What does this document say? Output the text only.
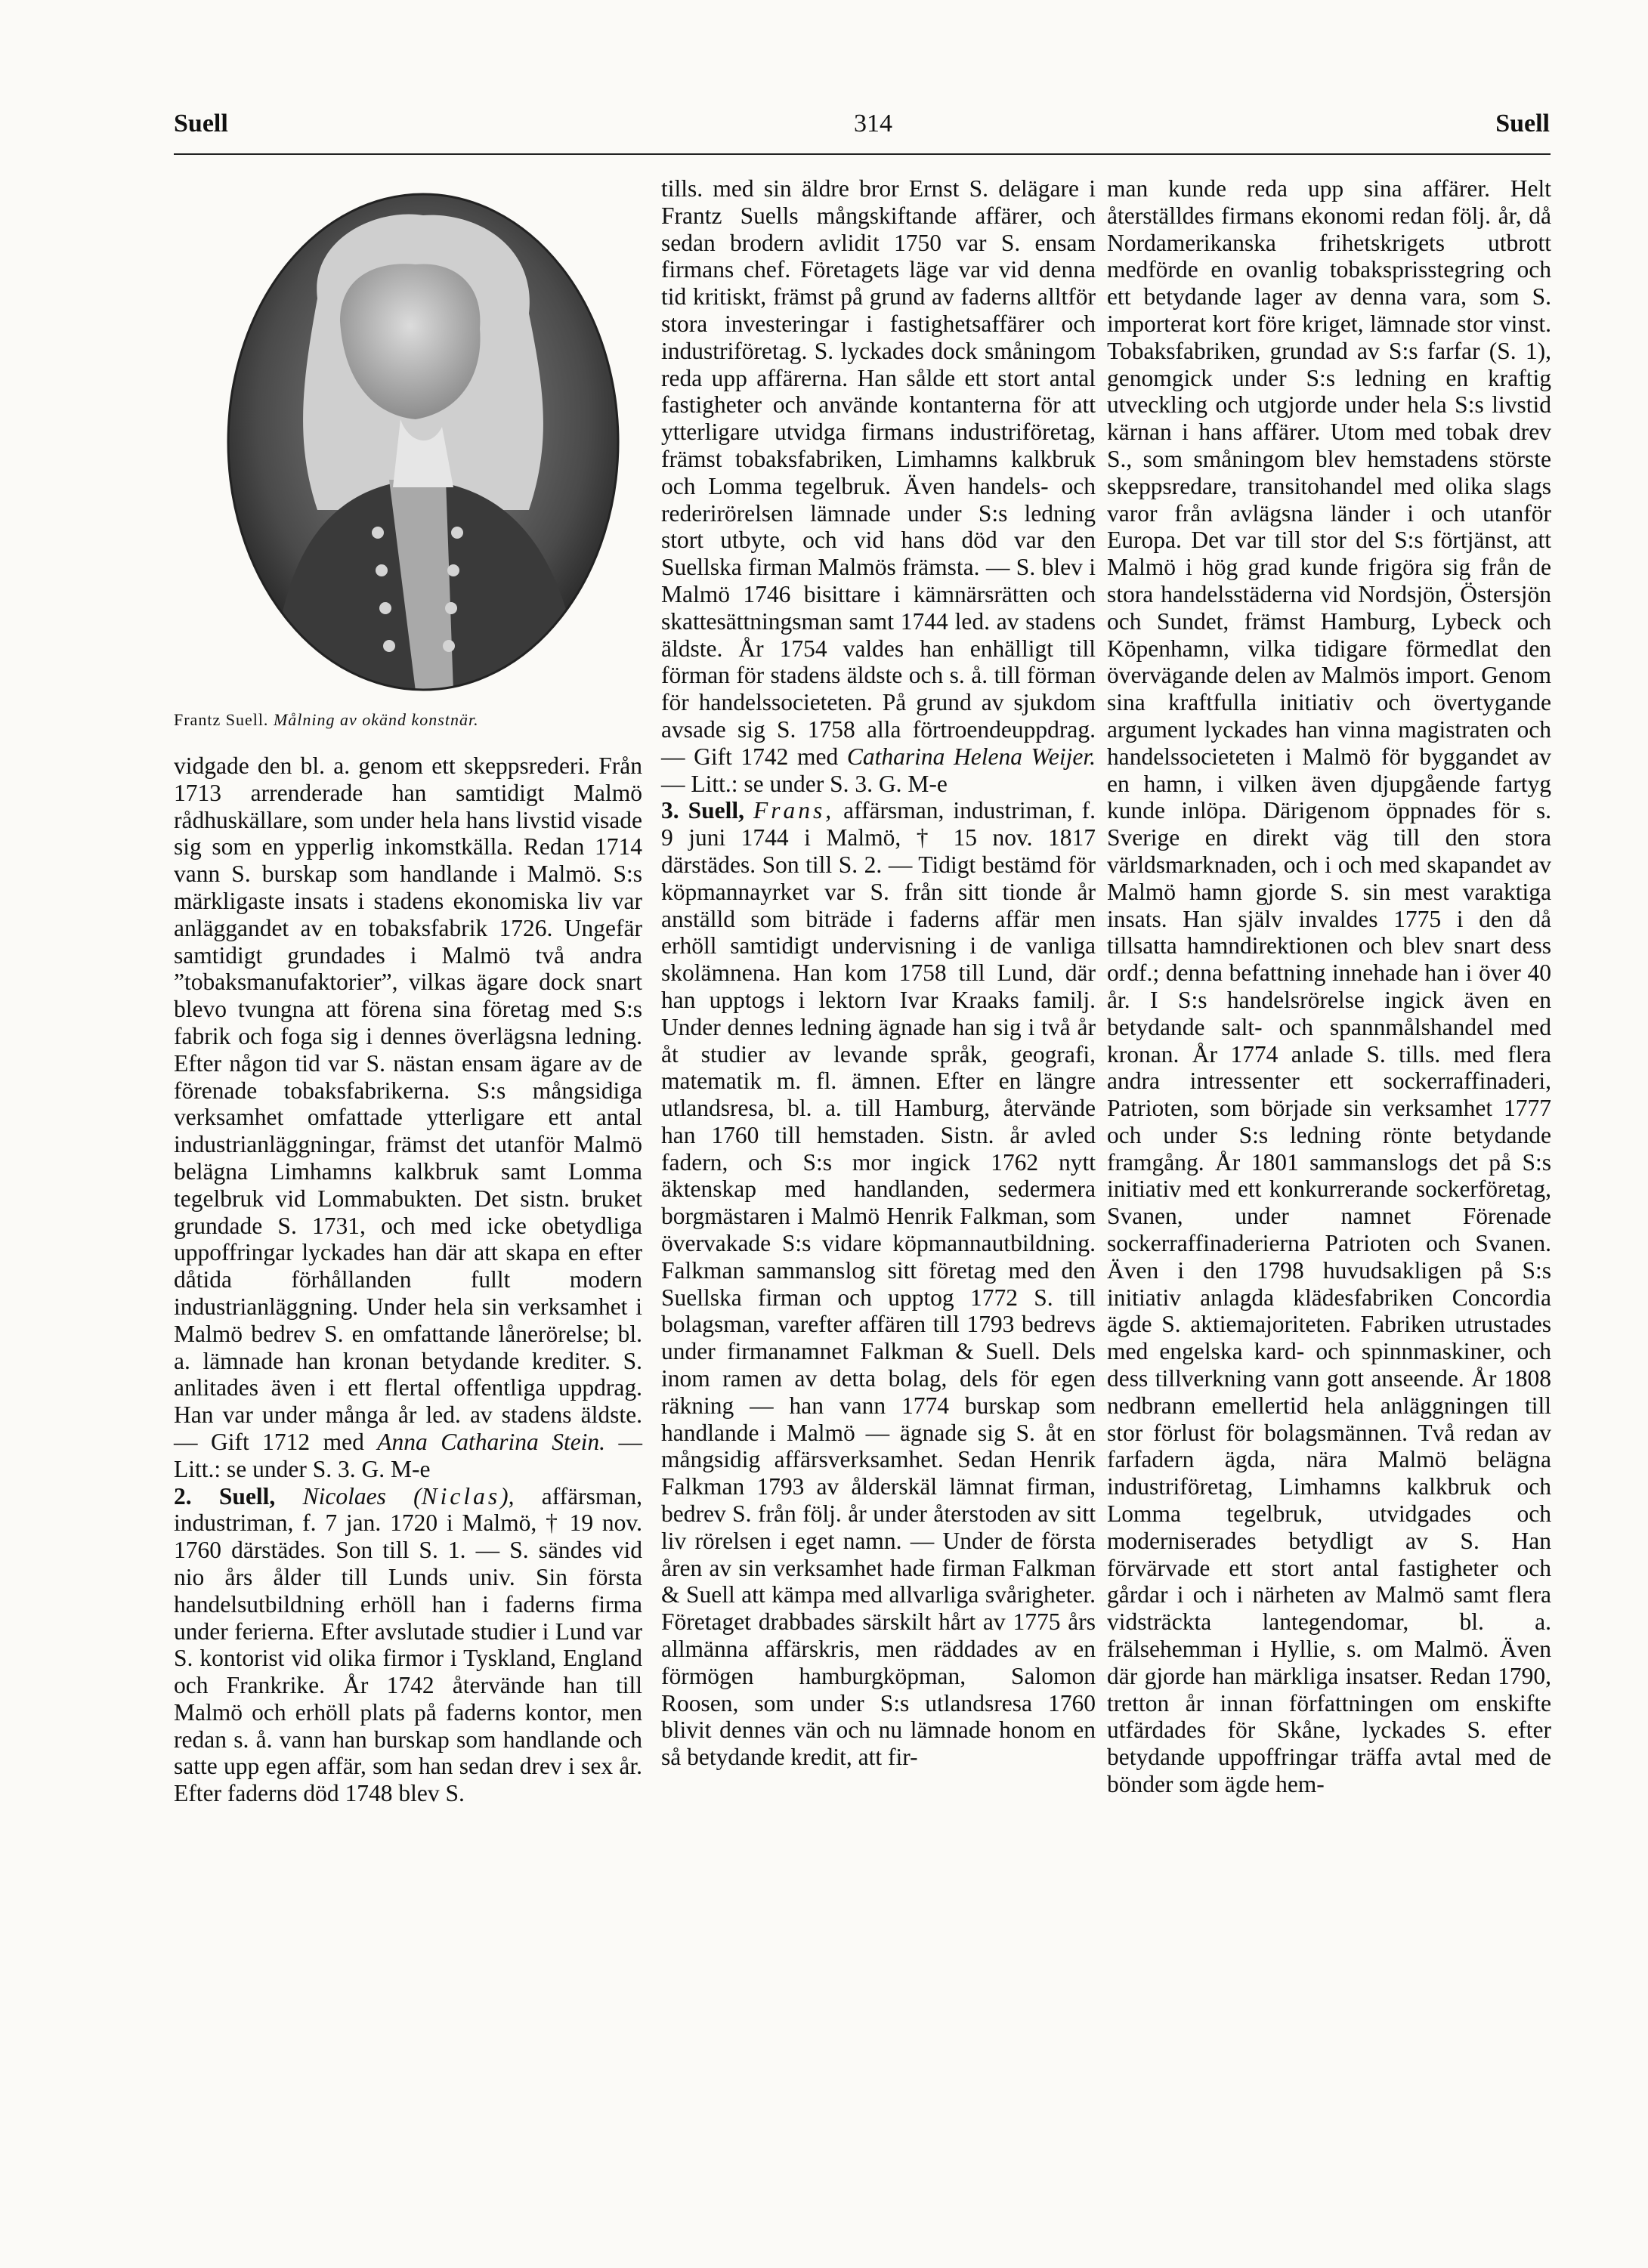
Suell	314	Suell
Frantz Suell. Målning av okänd konstnär.

vidgade den bl. a. genom ett skeppsrederi. Från 1713 arrenderade han samtidigt Malmö rådhuskällare, som under hela hans livstid visade sig som en ypperlig inkomstkälla. Redan 1714 vann S. burskap som handlande i Malmö. S:s märkligaste insats i stadens ekonomiska liv var anläggandet av en tobaksfabrik 1726. Ungefär samtidigt grundades i Malmö två andra ”tobaksmanufaktorier”, vilkas ägare dock snart blevo tvungna att förena sina företag med S:s fabrik och foga sig i dennes överlägsna ledning. Efter någon tid var S. nästan ensam ägare av de förenade tobaksfabrikerna. S:s mångsidiga verksamhet omfattade ytterligare ett antal industrianläggningar, främst det utanför Malmö belägna Limhamns kalkbruk samt Lomma tegelbruk vid Lommabukten. Det sistn. bruket grundade S. 1731, och med icke obetydliga uppoffringar lyckades han där att skapa en efter dåtida förhållanden fullt modern industrianläggning. Under hela sin verksamhet i Malmö bedrev S. en omfattande lånerörelse; bl. a. lämnade han kronan betydande krediter. S. anlitades även i ett flertal offentliga uppdrag. Han var under många år led. av stadens äldste. — Gift 1712 med Anna Catharina Stein. — Litt.: se under S. 3. G. M-e

2. Suell, Nicolaes (Niclas), affärsman, industriman, f. 7 jan. 1720 i Malmö, † 19 nov. 1760 därstädes. Son till S. 1. — S. sändes vid nio års ålder till Lunds univ. Sin första handelsutbildning erhöll han i faderns firma under ferierna. Efter avslutade studier i Lund var S. kontorist vid olika firmor i Tyskland, England och Frankrike. År 1742 återvände han till Malmö och erhöll plats på faderns kontor, men redan s. å. vann han burskap som handlande och satte upp egen affär, som han sedan drev i sex år. Efter faderns död 1748 blev S.

tills. med sin äldre bror Ernst S. delägare i Frantz Suells mångskiftande affärer, och sedan brodern avlidit 1750 var S. ensam firmans chef. Företagets läge var vid denna tid kritiskt, främst på grund av faderns alltför stora investeringar i fastighetsaffärer och industriföretag. S. lyckades dock småningom reda upp affärerna. Han sålde ett stort antal fastigheter och använde kontanterna för att ytterligare utvidga firmans industriföretag, främst tobaksfabriken, Limhamns kalkbruk och Lomma tegelbruk. Även handels- och rederirörelsen lämnade under S:s ledning stort utbyte, och vid hans död var den Suellska firman Malmös främsta. — S. blev i Malmö 1746 bisittare i kämnärsrätten och skattesättningsman samt 1744 led. av stadens äldste. År 1754 valdes han enhälligt till förman för stadens äldste och s. å. till förman för handelssocieteten. På grund av sjukdom avsade sig S. 1758 alla förtroendeuppdrag. — Gift 1742 med Catharina Helena Weijer. — Litt.: se under S. 3. G. M-e

3. Suell, Frans, affärsman, industriman, f. 9 juni 1744 i Malmö, † 15 nov. 1817 därstädes. Son till S. 2. — Tidigt bestämd för köpmannayrket var S. från sitt tionde år anställd som biträde i faderns affär men erhöll samtidigt undervisning i de vanliga skolämnena. Han kom 1758 till Lund, där han upptogs i lektorn Ivar Kraaks familj. Under dennes ledning ägnade han sig i två år åt studier av levande språk, geografi, matematik m. fl. ämnen. Efter en längre utlandsresa, bl. a. till Hamburg, återvände han 1760 till hemstaden. Sistn. år avled fadern, och S:s mor ingick 1762 nytt äktenskap med handlanden, sedermera borgmästaren i Malmö Henrik Falkman, som övervakade S:s vidare köpmannautbildning. Falkman sammanslog sitt företag med den Suellska firman och upptog 1772 S. till bolagsman, varefter affären till 1793 bedrevs under firmanamnet Falkman & Suell. Dels inom ramen av detta bolag, dels för egen räkning — han vann 1774 burskap som handlande i Malmö — ägnade sig S. åt en mångsidig affärsverksamhet. Sedan Henrik Falkman 1793 av ålderskäl lämnat firman, bedrev S. från följ. år under återstoden av sitt liv rörelsen i eget namn. — Under de första åren av sin verksamhet hade firman Falkman & Suell att kämpa med allvarliga svårigheter. Företaget drabbades särskilt hårt av 1775 års allmänna affärskris, men räddades av en förmögen hamburgköpman, Salomon Roosen, som under S:s utlandsresa 1760 blivit dennes vän och nu lämnade honom en så betydande kredit, att fir-

man kunde reda upp sina affärer. Helt återställdes firmans ekonomi redan följ. år, då Nordamerikanska frihetskrigets utbrott medförde en ovanlig tobaksprisstegring och ett betydande lager av denna vara, som S. importerat kort före kriget, lämnade stor vinst. Tobaksfabriken, grundad av S:s farfar (S. 1), genomgick under S:s ledning en kraftig utveckling och utgjorde under hela S:s livstid kärnan i hans affärer. Utom med tobak drev S., som småningom blev hemstadens störste skeppsredare, transitohandel med olika slags varor från avlägsna länder i och utanför Europa. Det var till stor del S:s förtjänst, att Malmö i hög grad kunde frigöra sig från de stora handelsstäderna vid Nordsjön, Östersjön och Sundet, främst Hamburg, Lybeck och Köpenhamn, vilka tidigare förmedlat den övervägande delen av Malmös import. Genom sina kraftfulla initiativ och övertygande argument lyckades han vinna magistraten och handelssocieteten i Malmö för byggandet av en hamn, i vilken även djupgående fartyg kunde inlöpa. Därigenom öppnades för s. Sverige en direkt väg till den stora världsmarknaden, och i och med skapandet av Malmö hamn gjorde S. sin mest varaktiga insats. Han själv invaldes 1775 i den då tillsatta hamndirektionen och blev snart dess ordf.; denna befattning innehade han i över 40 år. I S:s handelsrörelse ingick även en betydande salt- och spannmålshandel med kronan. År 1774 anlade S. tills. med flera andra intressenter ett sockerraffinaderi, Patrioten, som började sin verksamhet 1777 och under S:s ledning rönte betydande framgång. År 1801 sammanslogs det på S:s initiativ med ett konkurrerande sockerföretag, Svanen, under namnet Förenade sockerraffinaderierna Patrioten och Svanen. Även i den 1798 huvudsakligen på S:s initiativ anlagda klädesfabriken Concordia ägde S. aktiemajoriteten. Fabriken utrustades med engelska kard- och spinnmaskiner, och dess tillverkning vann gott anseende. År 1808 nedbrann emellertid hela anläggningen till stor förlust för bolagsmännen. Två redan av farfadern ägda, nära Malmö belägna industriföretag, Limhamns kalkbruk och Lomma tegelbruk, utvidgades och moderniserades betydligt av S. Han förvärvade ett stort antal fastigheter och gårdar i och i närheten av Malmö samt flera vidsträckta lantegendomar, bl. a. frälsehemman i Hyllie, s. om Malmö. Även där gjorde han märkliga insatser. Redan 1790, tretton år innan författningen om enskifte utfärdades för Skåne, lyckades S. efter betydande uppoffringar träffa avtal med de bönder som ägde hem-
